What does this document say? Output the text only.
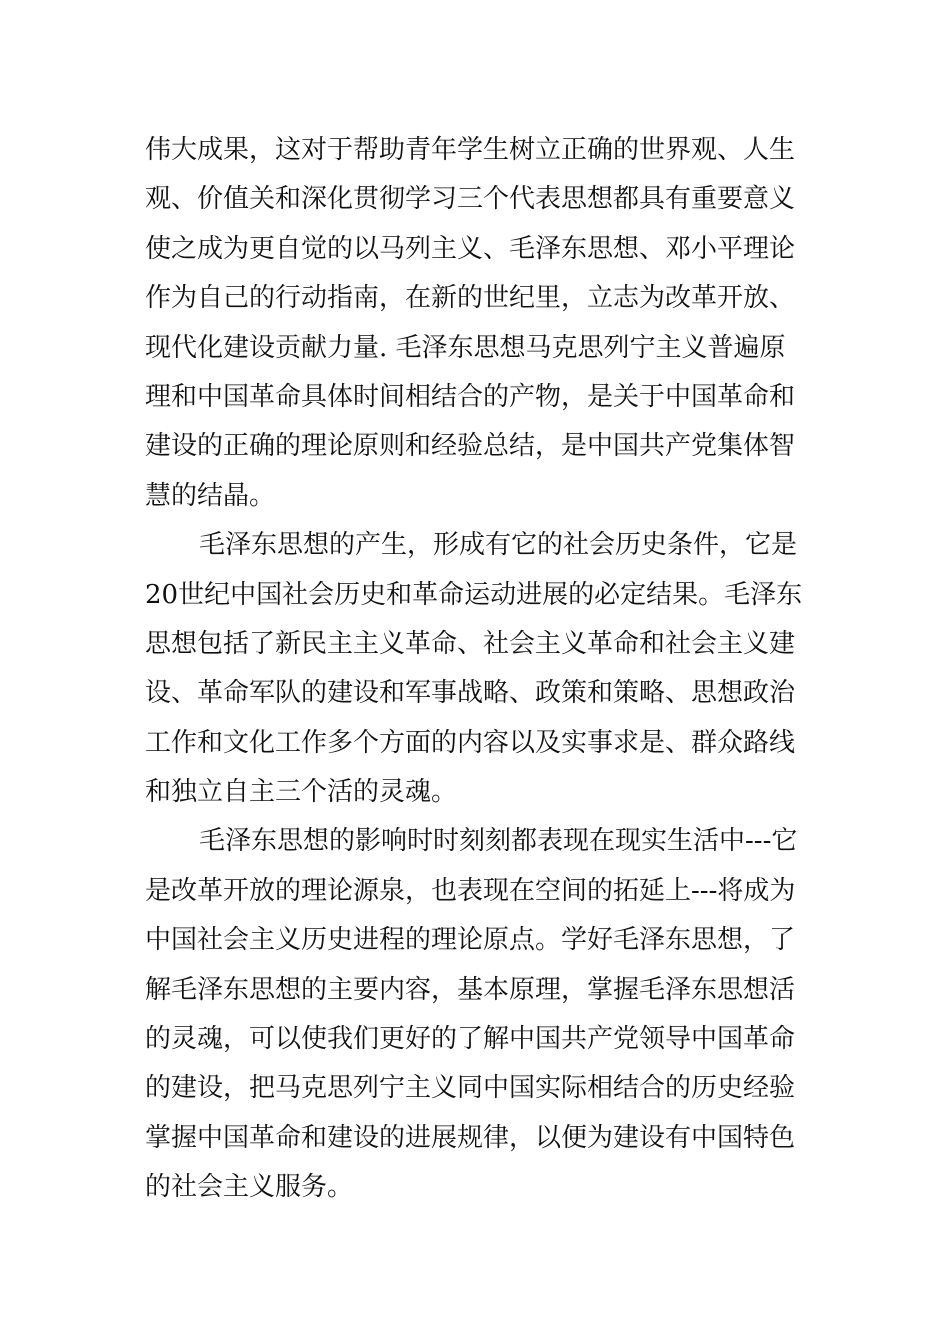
伟大成果，这对于帮助青年学生树立正确的世界观、人生
观、价值关和深化贯彻学习三个代表思想都具有重要意义
使之成为更自觉的以马列主义、毛泽东思想、邓小平理论
作为自己的行动指南，在新的世纪里，立志为改革开放、
现代化建设贡献力量. 毛泽东思想马克思列宁主义普遍原
理和中国革命具体时间相结合的产物，是关于中国革命和
建设的正确的理论原则和经验总结，是中国共产党集体智
慧的结晶。
毛泽东思想的产生，形成有它的社会历史条件，它是
20世纪中国社会历史和革命运动进展的必定结果。毛泽东
思想包括了新民主主义革命、社会主义革命和社会主义建
设、革命军队的建设和军事战略、政策和策略、思想政治
工作和文化工作多个方面的内容以及实事求是、群众路线
和独立自主三个活的灵魂。
毛泽东思想的影响时时刻刻都表现在现实生活中---它
是改革开放的理论源泉，也表现在空间的拓延上---将成为
中国社会主义历史进程的理论原点。学好毛泽东思想，了
解毛泽东思想的主要内容，基本原理，掌握毛泽东思想活
的灵魂，可以使我们更好的了解中国共产党领导中国革命
的建设，把马克思列宁主义同中国实际相结合的历史经验
掌握中国革命和建设的进展规律，以便为建设有中国特色
的社会主义服务。
